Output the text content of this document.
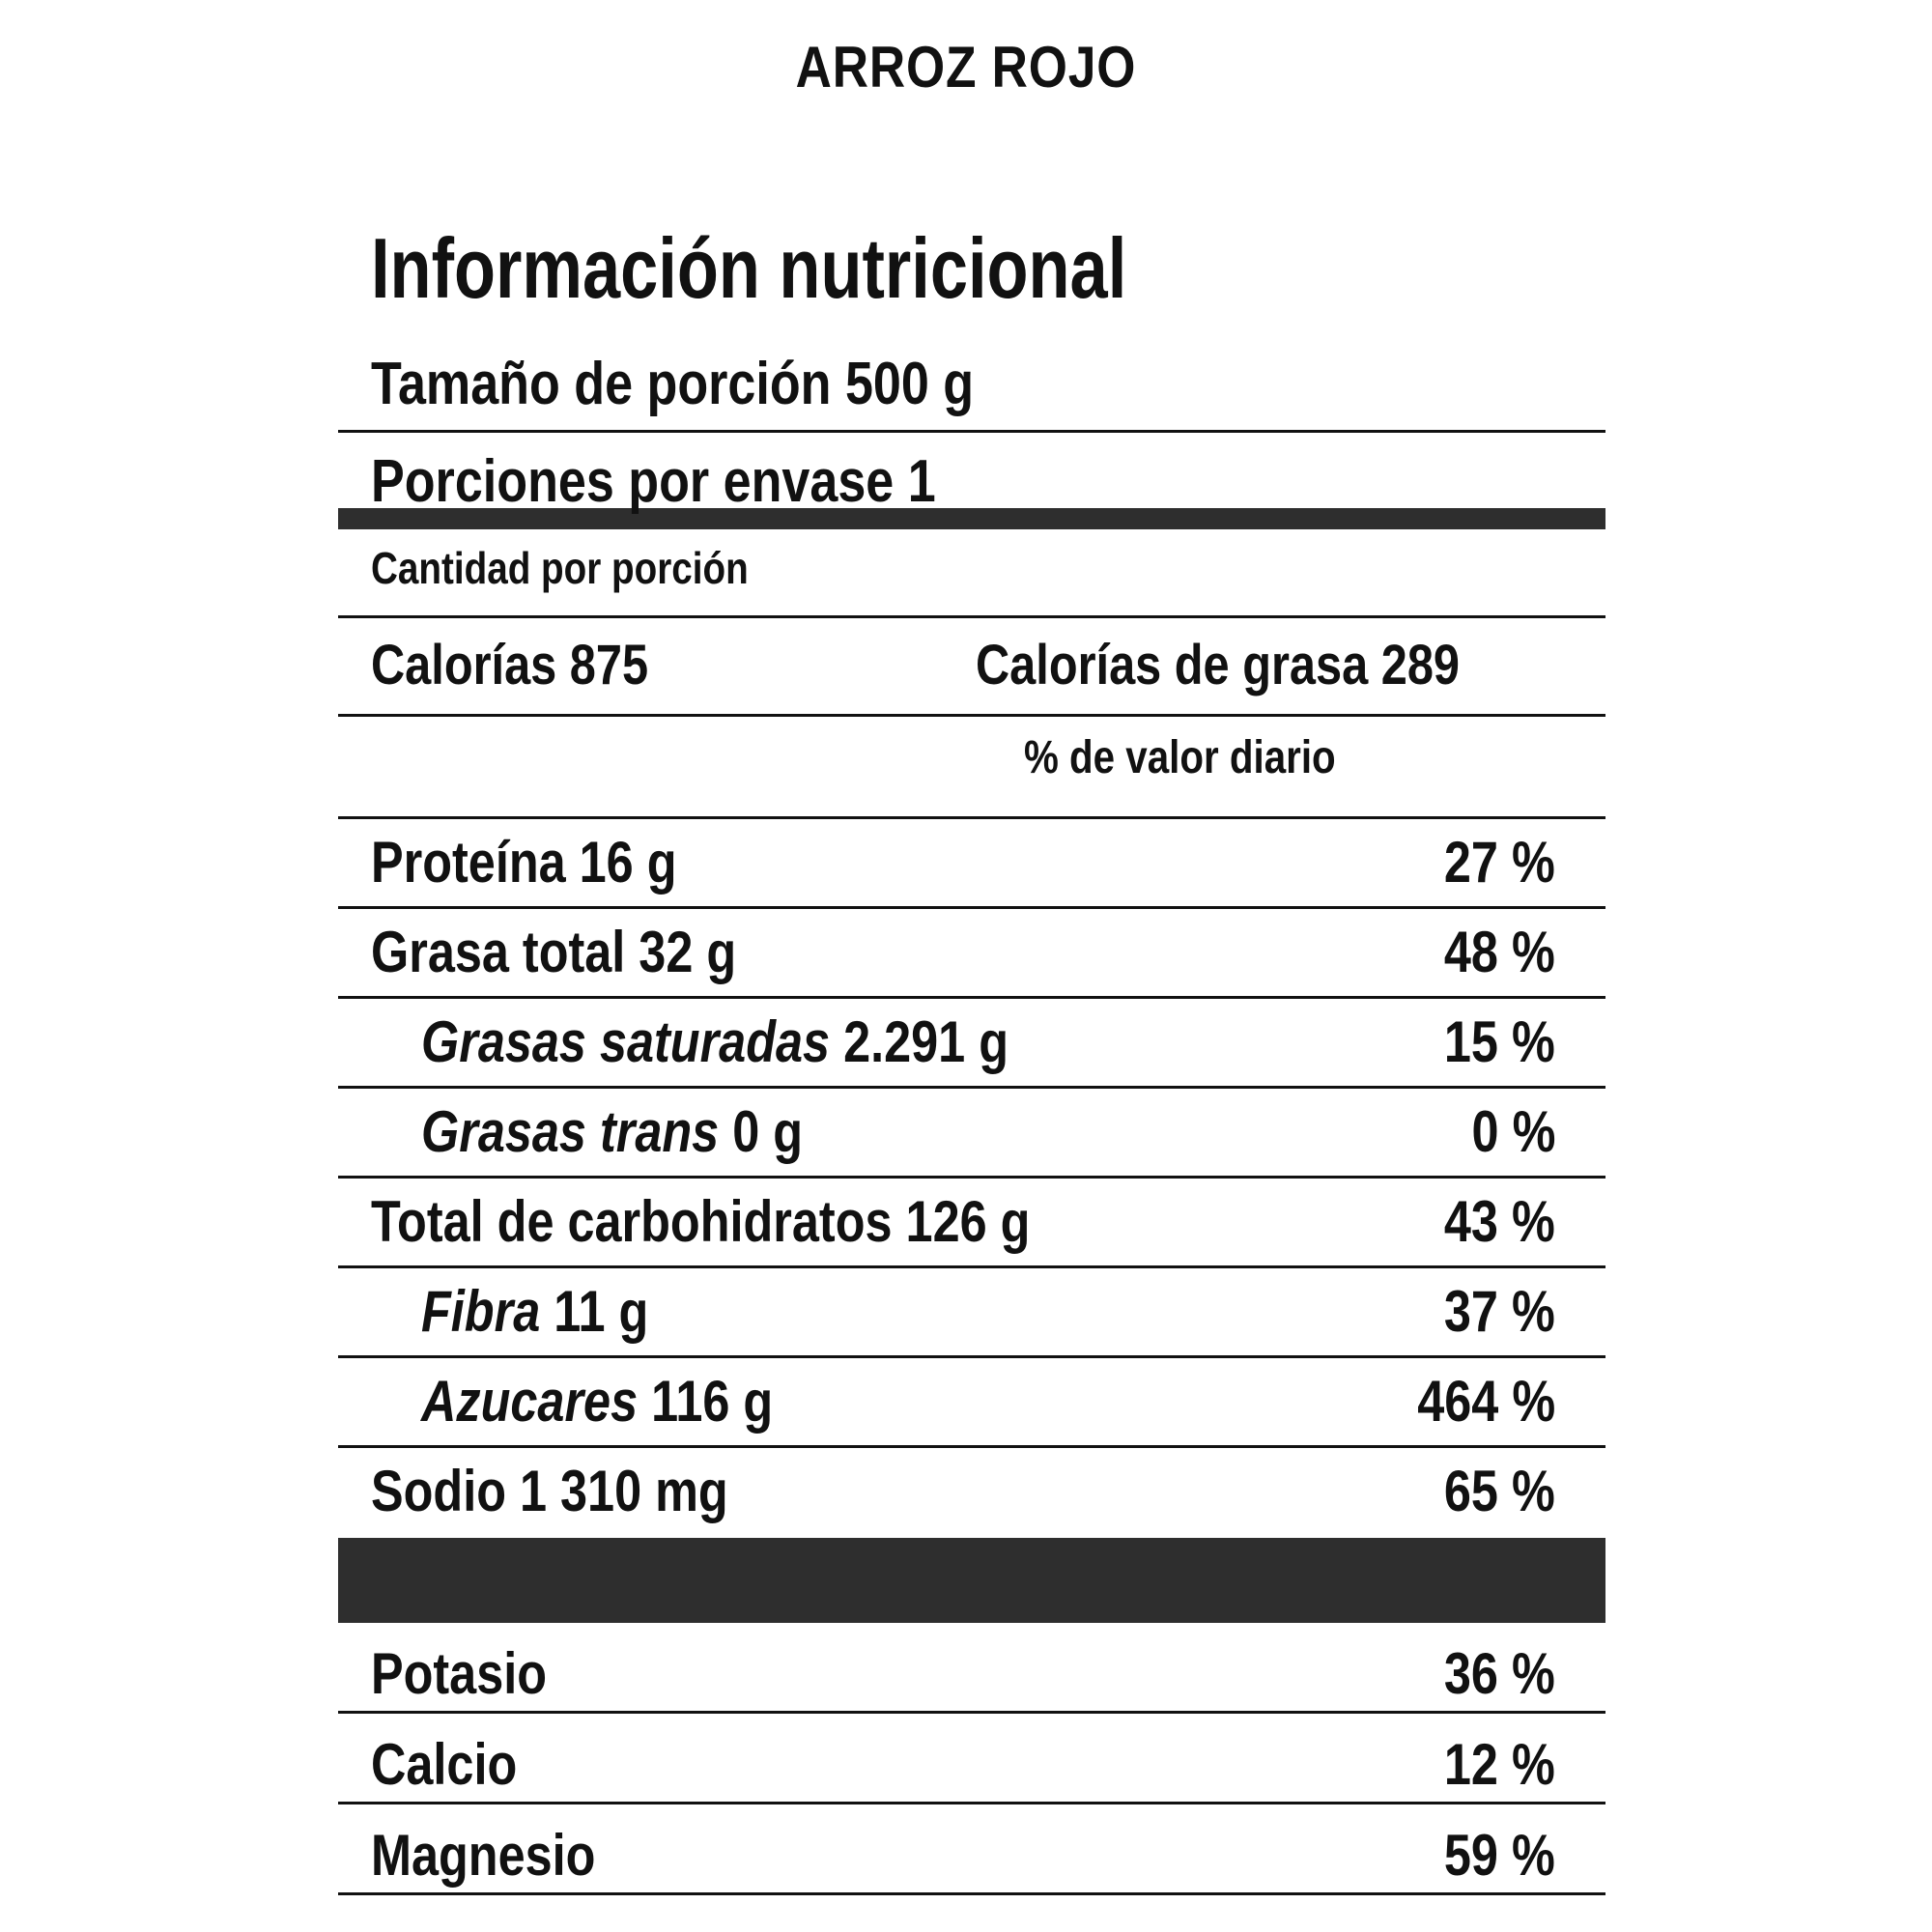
ARROZ ROJO
Información nutricional
Tamaño de porción 500 g
Porciones por envase 1
Cantidad por porción
Calorías 875	Calorías de grasa 289
% de valor diario
Proteína 16 g	27 %
Grasa total 32 g	48 %
Grasas saturadas 2.291 g	15 %
Grasas trans 0 g	0 %
Total de carbohidratos 126 g	43 %
Fibra 11 g	37 %
Azucares 116 g	464 %
Sodio 1 310 mg	65 %
Potasio	36 %
Calcio	12 %
Magnesio	59 %
